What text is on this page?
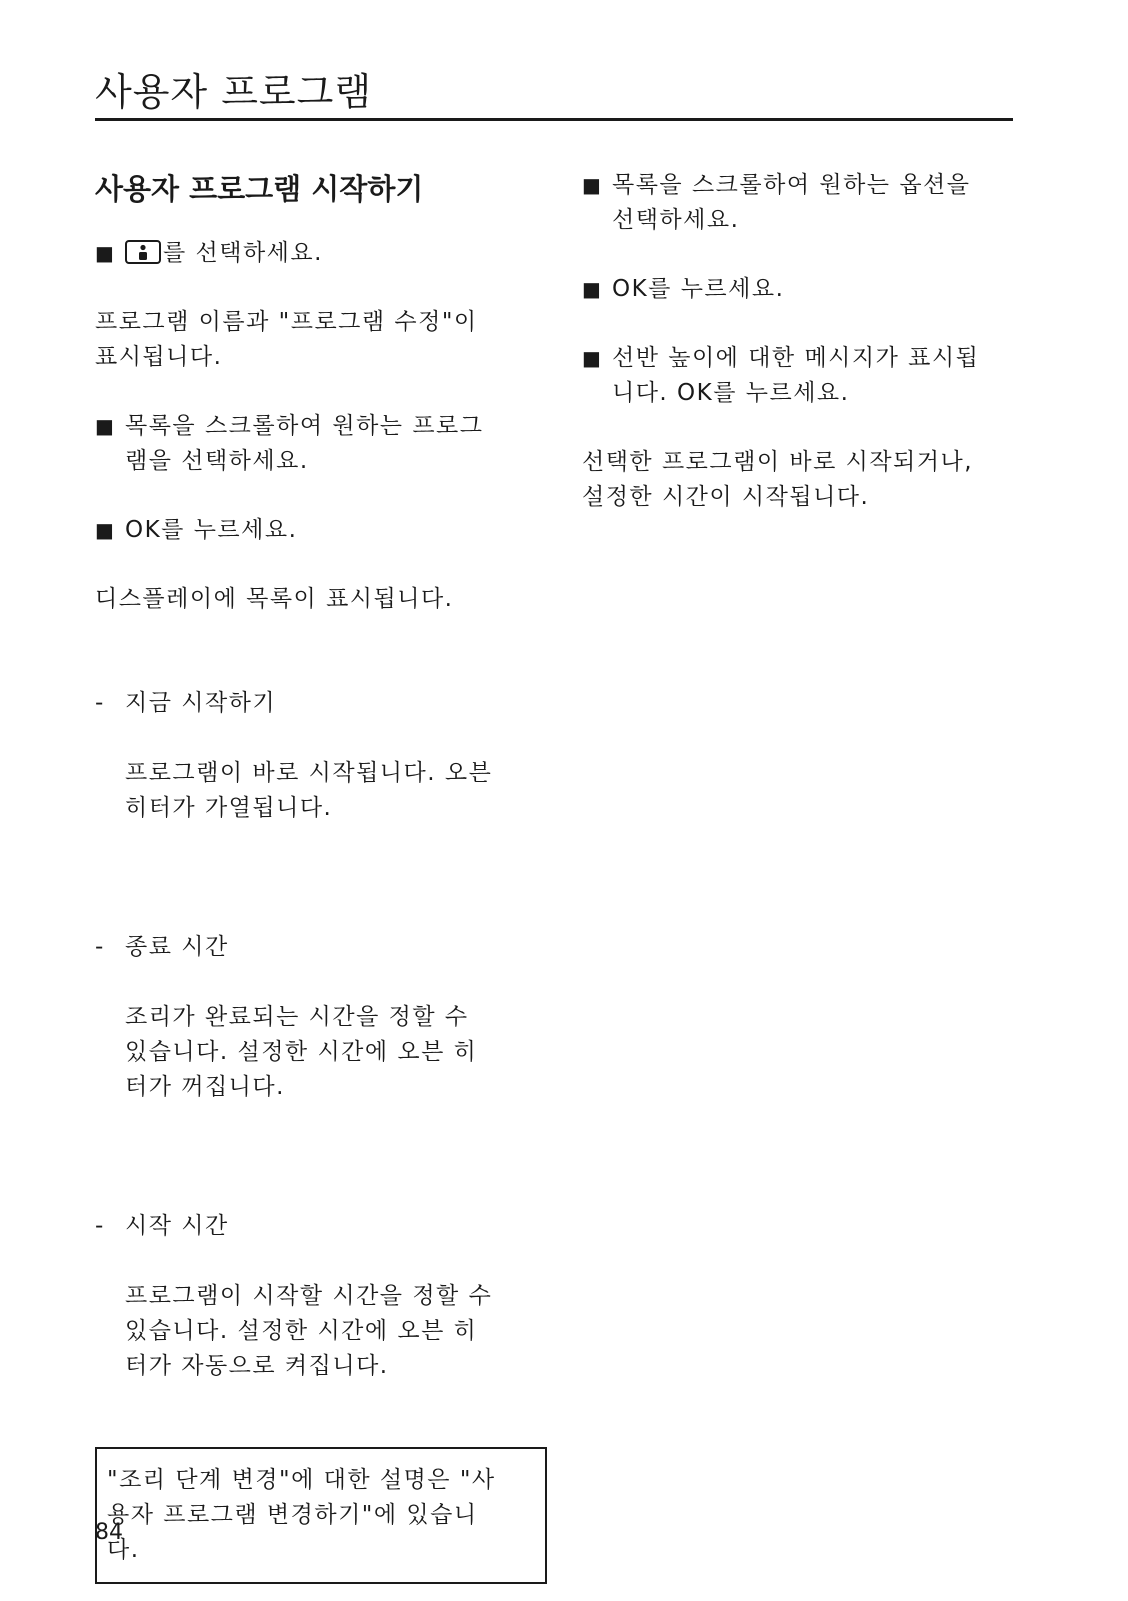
사용자 프로그램
사용자 프로그램 시작하기
■	를 선택하세요.

프로그램 이름과 "프로그램 수정"이
표시됩니다.

■ 목록을 스크롤하여 원하는 프로그
램을 선택하세요.
■ OK를 누르세요.

디스플레이에 목록이 표시됩니다.

- 지금 시작하기

프로그램이 바로 시작됩니다. 오븐
히터가 가열됩니다.

- 종료 시간

조리가 완료되는 시간을 정할 수
있습니다. 설정한 시간에 오븐 히
터가 꺼집니다.

- 시작 시간

프로그램이 시작할 시간을 정할 수
있습니다. 설정한 시간에 오븐 히
터가 자동으로 켜집니다.

"조리 단계 변경"에 대한 설명은 "사
용자 프로그램 변경하기"에 있습니
다.
■ 목록을 스크롤하여 원하는 옵션을
선택하세요.
■ OK를 누르세요.
■ 선반 높이에 대한 메시지가 표시됩
니다. OK를 누르세요.

선택한 프로그램이 바로 시작되거나,
설정한 시간이 시작됩니다.

84
